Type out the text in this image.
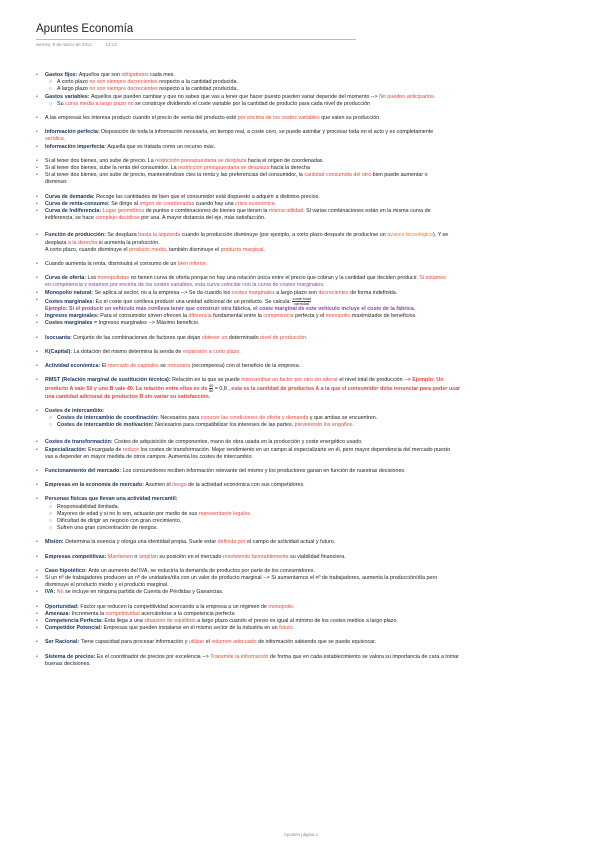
Apuntes Economía
viernes, 9 de marzo de 2012	13:13
• Gastos fijos: Aquellos que son obligatorios cada mes.
○ A corto plazo no son siempre decrecientes respecto a la cantidad producida.
○ A largo plazo no son siempre decrecientes respecto a la cantidad producida.
• Gastos variables: Aquellos que pueden cambiar y que no sabes que vas a tener que hacer puesto pueden variar depende del momento --> No pueden anticiparlos.
○ Su curva media a largo plazo no se construye dividiendo el coste variable por la cantidad de producto para cada nivel de producción
• A las empresas les interesa producir cuando el precio de venta del producto esté por encima de los costes variables que valen su producción.
• Información perfecta: Disposición de toda la información necesaria, en tiempo real, a coste cero, se puede asimilar y procesar toda en el acto y es completamente
verídica.
• Información imperfecta: Aquella que es tratada como un recurso más.
• Si al tener dos bienes, uno sube de precio. La restricción presupuestaria se desplaza hacia el origen de coordenadas.
• Si al tener dos bienes, sube la renta del consumidor. La restricción presupuestaria se desplaza hacia la derecha
• Si al tener dos bienes, uno sube de precio, manteniéndose ctes la renta y las preferencias del consumidor, la cantidad consumida del otro bien puede aumentar o
disminuir.
• Curva de demanda: Recoge las cantidades de bien que el consumidor está dispuesto a adquirir a distintos precios.
• Curva de renta-consumo: Se dirige al origen de coordenadas cuando hay una crisis económica.
• Curva de Indiferencia: Lugar geométrico de puntos o combinaciones de bienes que tienen la misma utilidad. Si varias combinaciones están en la misma curva de
indiferencia, se hace complejo decidirse por una. A mayor distancia del eje, más satisfacción.
• Función de producción: Se desplaza hasta la izquierda cuando la producción disminuye (por ejemplo, a corto plazo después de producirse un avance tecnológico). Y se
desplaza a la derecha si aumenta la producción.
A corto plazo, cuando disminuye el producto medio, también disminuye el producto marginal.
• Cuando aumenta la renta, disminuirá el consumo de un bien inferior.
• Curva de oferta: Los monopolistas no tienen curva de oferta porque no hay una relación única entre el precio que cobran y la cantidad que deciden producir. Si estamos
en competencia y estamos por encima de los costes variables, esta curva coincide con la curva de costes marginales.
• Monopolio natural: Se aplica al sector, no a la empresa --> Se da cuando los costes marginales a largo plazo son decrecientes de forma indefinida.
• Costes marginales: Es el coste que conlleva producir una unidad adicional de un producto. Se calcula: $\frac{\text{coste total}}{\text{cantidad}}$
Ejemplo: Si el producir un vehículo más conlleva tener que construir otra fábrica, el coste marginal de este vehículo incluye el coste de la fábrica.
• Ingresos marginales: Para el consumidor sirven ofrecen la diferencia fundamental entre la competencia perfecta y el monopolio maximizador de beneficios.
• Costes marginales = Ingresos marginales --> Máximo beneficio.
• Isocuanta: Conjunto de las combinaciones de factores que dejan obtener un determinado nivel de producción.
• K(Capital): La dotación del mismo determina la senda de expansión a corto plazo.
• Actividad económica: El mercado de capitales se remunera (recompensa) con el beneficio de la empresa.
• RMST (Relación marginal de sustitución técnica): Relación en la que se puede intercambiar un factor por otro sin alterar el nivel total de producción --> Ejemplo: Un
producto A vale 50 y uno B vale 40. La relación entre ellos es de $\frac{40}{50} = 0,8$ , esta es la cantidad de productos A a la que el consumidor debe renunciar para poder usar
una cantidad adicional de productos B sin variar su satisfacción.
• Costes de intercambio:
○ Costes de intercambio de coordinación: Necesarios para conocer las condiciones de oferta y demanda y que ambas se encuentren.
○ Costes de intercambio de motivación: Necesarios para compatibilizar los intereses de las partes, previniendo los engaños.
• Costes de transformación: Costes de adquisición de componentes, mano de obra usada en la producción y coste energético usado.
• Especialización: Encargada de reducir los costes de transformación. Mejor rendimiento en un campo al especializarte en él, pero mayor dependencia del mercado puesto
vas a depender en mayor medida de otros campos. Aumenta los costes de intercambio.
• Funcionamiento del mercado: Los consumidores reciben información relevante del mismo y los productores ganan en función de nuestras decisiones.
• Empresas en la economía de mercado: Asumen el riesgo de la actividad económica con sus competidores.
• Personas físicas que llevan una actividad mercantil:
○ Responsabilidad ilimitada.
○ Mayores de edad y si no lo son, actuarán por medio de sus representante legales.
○ Dificultad de dirigir un negocio con gran crecimiento.
○ Sufren una gran concentración de riesgos.
• Misión: Determina la esencia y otorga una identidad propia. Suele estar definida por el campo de actividad actual y futuro.
• Empresas competitivas: Mantienen o amplían su posición en el mercado resolviendo favorablemente su viabilidad financiera.
• Caso hipotético: Ante un aumento del IVA, se reduciría la demanda de productos por parte de los consumidores.
• Si un nº de trabajadores producen un nº de unidades/día con un valor de producto marginal --> Si aumentamos el nº de trabajadores, aumenta la producción/día pero
disminuye el producto medio y el producto marginal.
• IVA: No se incluye en ninguna partida de Cuenta de Pérdidas y Ganancias.
• Oportunidad: Factor que reducen la competitividad acercando a la empresa a un régimen de monopolio.
• Amenaza: Incrementa la competitividad acercándose a la competencia perfecta
• Competencia Perfecta: Esta llega a una situación de equilibrio a largo plazo cuando el precio es igual al mínimo de los costes medios a largo plazo.
• Competidor Potencial: Empresas que pueden instalarse en el mismo sector de la industria en un futuro.
• Ser Racional: Tiene capacidad para procesar información y utilizar el volumen adecuado de información sabiendo que se puede equivocar.
• Sistema de precios: Es el coordinador de precios por excelencia --> Transmite la información de forma que en cada establecimiento se valora su importancia de cara a tomar
buenas decisiones.
Apuntes página 1
